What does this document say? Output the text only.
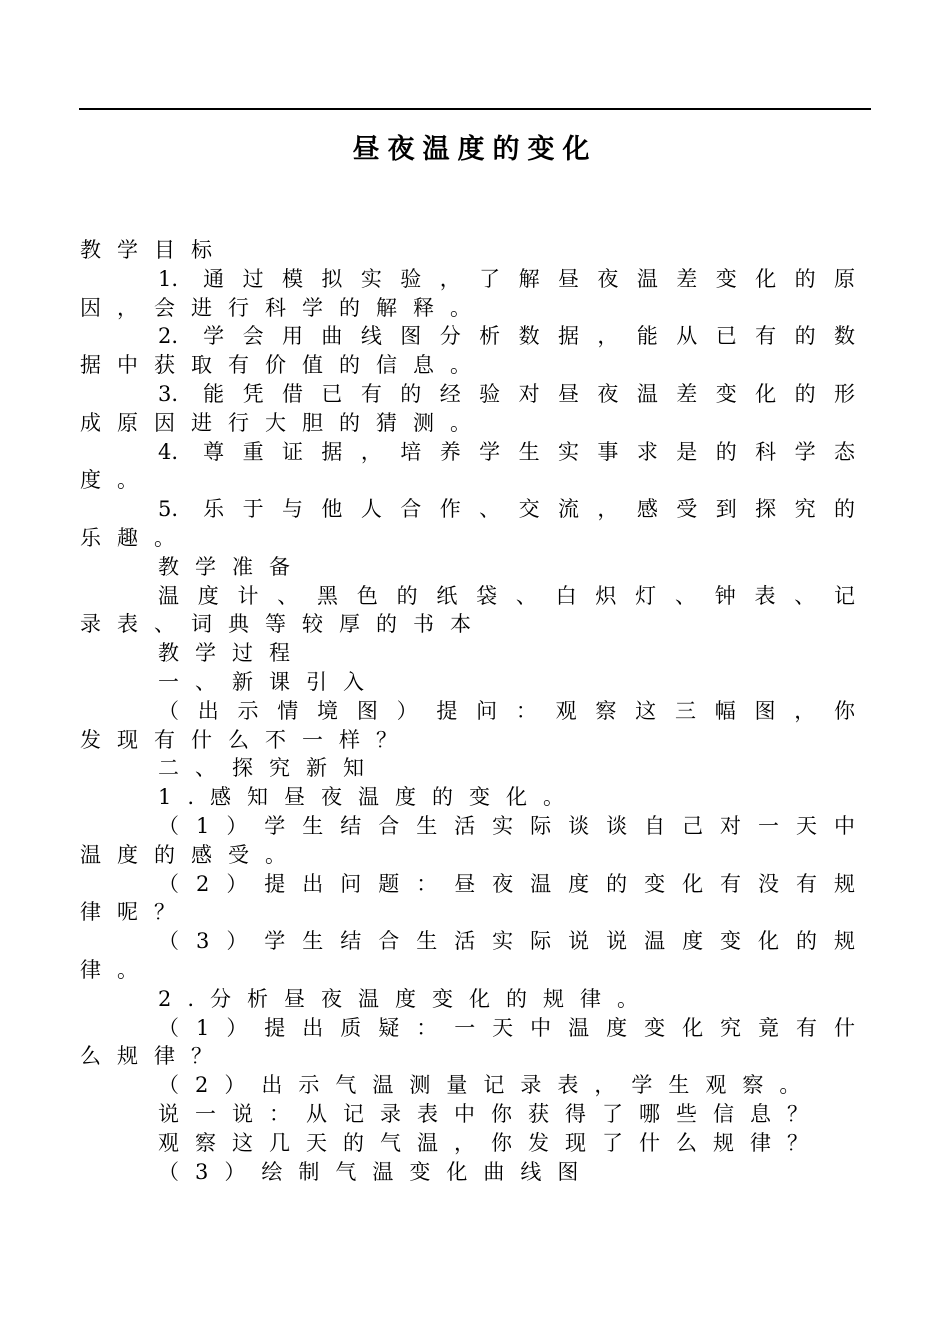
昼夜温度的变化
教学目标
1. 通过模拟实验，了解昼夜温差变化的原
因，会进行科学的解释。
2. 学会用曲线图分析数据，能从已有的数
据中获取有价值的信息。
3. 能凭借已有的经验对昼夜温差变化的形
成原因进行大胆的猜测。
4. 尊重证据，培养学生实事求是的科学态
度。
5. 乐于与他人合作、交流，感受到探究的
乐趣。
教学准备
温度计、黑色的纸袋、白炽灯、钟表、记
录表、词典等较厚的书本
教学过程
一、新课引入
（出示情境图）提问：观察这三幅图，你
发现有什么不一样？
二、探究新知
1.感知昼夜温度的变化。
（1）学生结合生活实际谈谈自己对一天中
温度的感受。
（2）提出问题：昼夜温度的变化有没有规
律呢？
（3）学生结合生活实际说说温度变化的规
律。
2.分析昼夜温度变化的规律。
（1）提出质疑：一天中温度变化究竟有什
么规律？
（2）出示气温测量记录表，学生观察。
说一说：从记录表中你获得了哪些信息？
观察这几天的气温，你发现了什么规律？
（3）绘制气温变化曲线图
